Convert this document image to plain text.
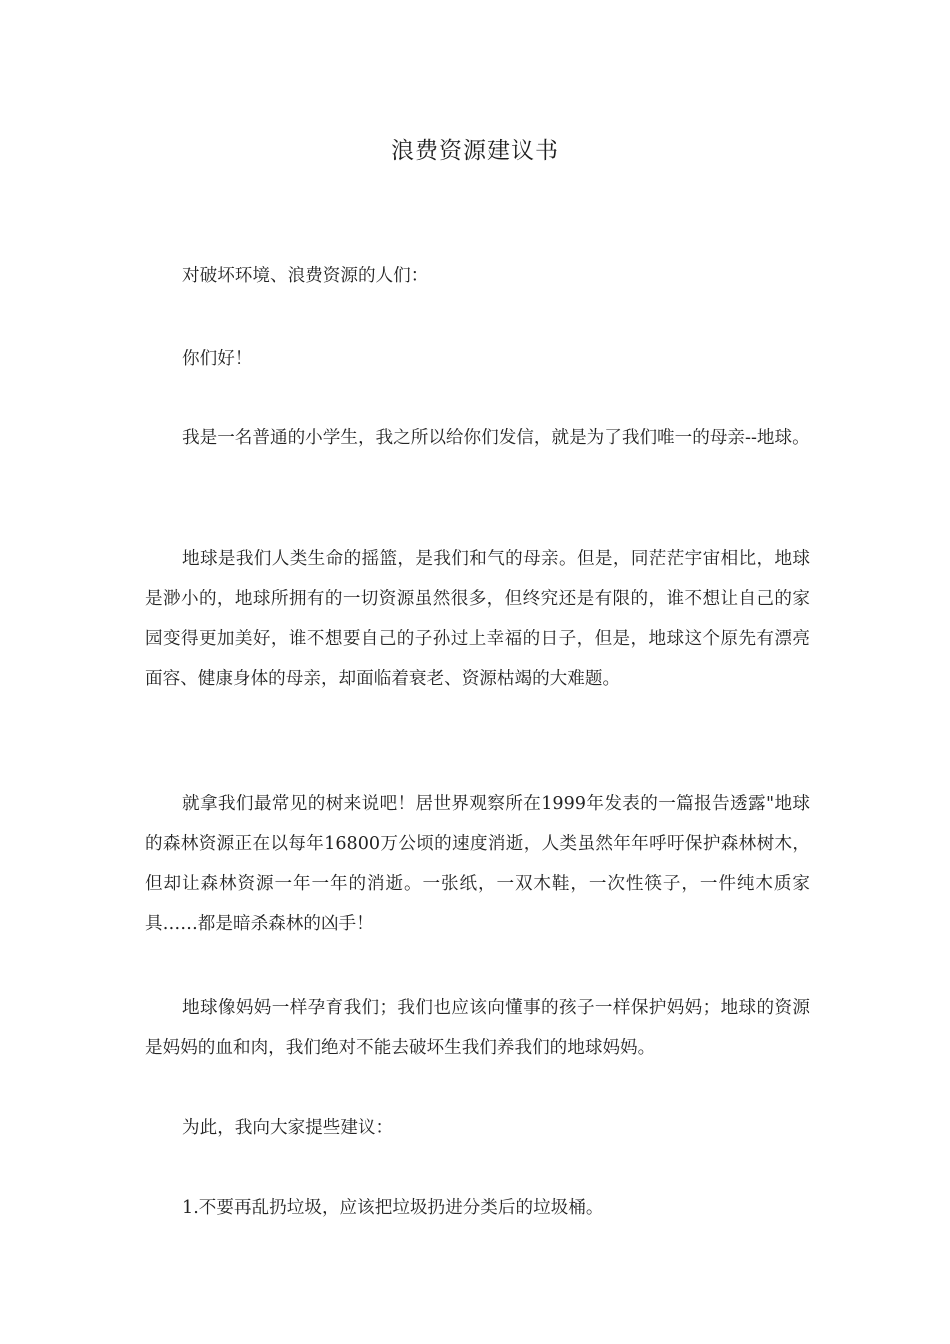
浪费资源建议书

对破坏环境、浪费资源的人们：

你们好！

我是一名普通的小学生，我之所以给你们发信，就是为了我们唯一的母亲--地球。

地球是我们人类生命的摇篮，是我们和气的母亲。但是，同茫茫宇宙相比，地球是渺小的，地球所拥有的一切资源虽然很多，但终究还是有限的，谁不想让自己的家园变得更加美好，谁不想要自己的子孙过上幸福的日子，但是，地球这个原先有漂亮面容、健康身体的母亲，却面临着衰老、资源枯竭的大难题。

就拿我们最常见的树来说吧！居世界观察所在1999年发表的一篇报告透露"地球的森林资源正在以每年16800万公顷的速度消逝，人类虽然年年呼吁保护森林树木，但却让森林资源一年一年的消逝。一张纸，一双木鞋，一次性筷子，一件纯木质家具……都是暗杀森林的凶手！

地球像妈妈一样孕育我们；我们也应该向懂事的孩子一样保护妈妈；地球的资源是妈妈的血和肉，我们绝对不能去破坏生我们养我们的地球妈妈。

为此，我向大家提些建议：

1.不要再乱扔垃圾，应该把垃圾扔进分类后的垃圾桶。
